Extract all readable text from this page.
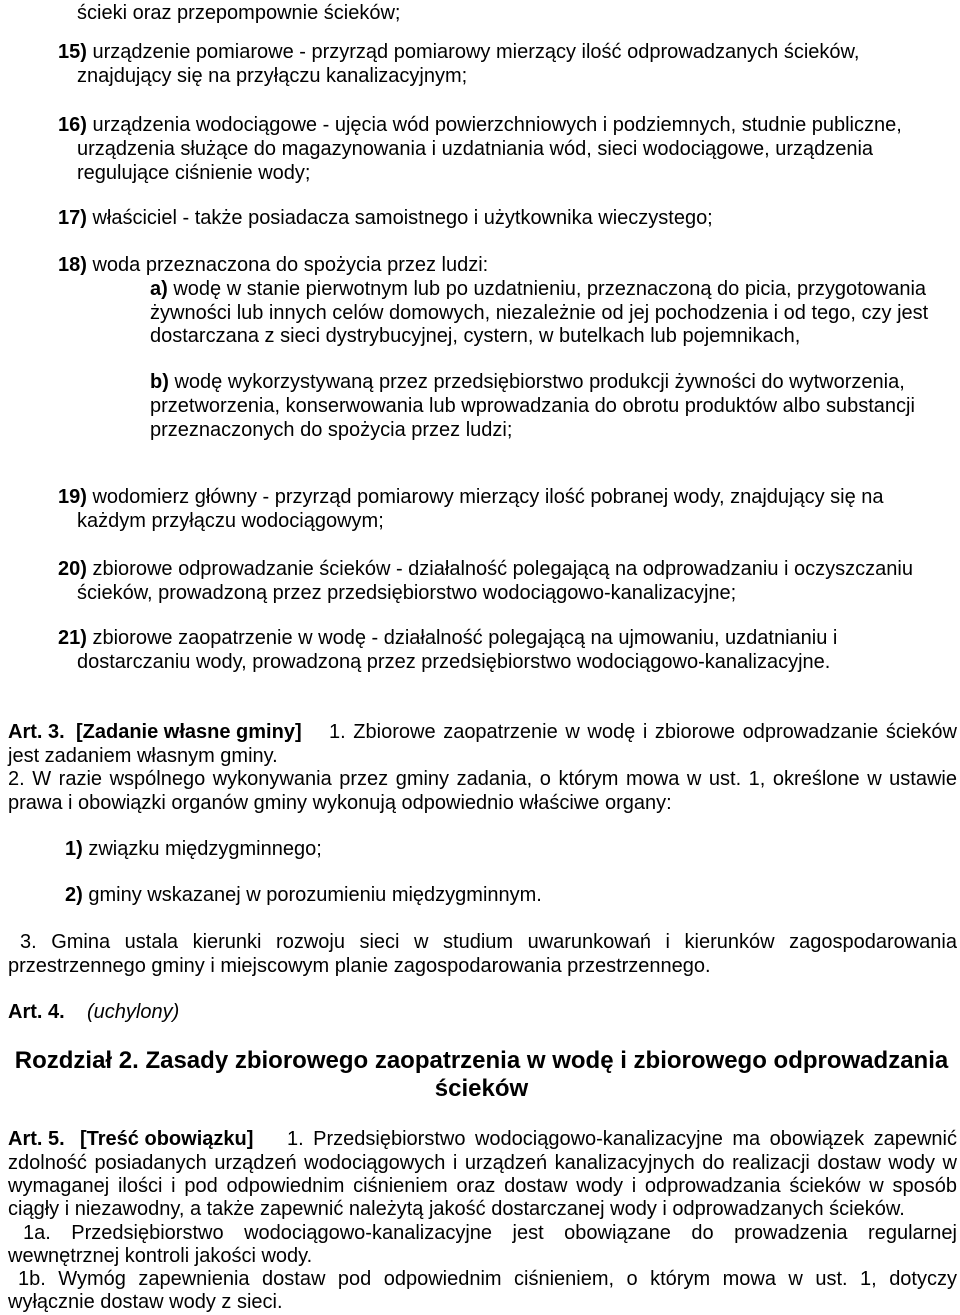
ścieki oraz przepompownie ścieków;
15) urządzenie pomiarowe - przyrząd pomiarowy mierzący ilość odprowadzanych ścieków,
znajdujący się na przyłączu kanalizacyjnym;
16) urządzenia wodociągowe - ujęcia wód powierzchniowych i podziemnych, studnie publiczne,
urządzenia służące do magazynowania i uzdatniania wód, sieci wodociągowe, urządzenia
regulujące ciśnienie wody;
17) właściciel - także posiadacza samoistnego i użytkownika wieczystego;
18) woda przeznaczona do spożycia przez ludzi:
a) wodę w stanie pierwotnym lub po uzdatnieniu, przeznaczoną do picia, przygotowania
żywności lub innych celów domowych, niezależnie od jej pochodzenia i od tego, czy jest
dostarczana z sieci dystrybucyjnej, cystern, w butelkach lub pojemnikach,
b) wodę wykorzystywaną przez przedsiębiorstwo produkcji żywności do wytworzenia,
przetworzenia, konserwowania lub wprowadzania do obrotu produktów albo substancji
przeznaczonych do spożycia przez ludzi;
19) wodomierz główny - przyrząd pomiarowy mierzący ilość pobranej wody, znajdujący się na
każdym przyłączu wodociągowym;
20) zbiorowe odprowadzanie ścieków - działalność polegającą na odprowadzaniu i oczyszczaniu
ścieków, prowadzoną przez przedsiębiorstwo wodociągowo-kanalizacyjne;
21) zbiorowe zaopatrzenie w wodę - działalność polegającą na ujmowaniu, uzdatnianiu i
dostarczaniu wody, prowadzoną przez przedsiębiorstwo wodociągowo-kanalizacyjne.
Art. 3. [Zadanie własne gminy] 1. Zbiorowe zaopatrzenie w wodę i zbiorowe odprowadzanie ścieków
jest zadaniem własnym gminy.
2. W razie wspólnego wykonywania przez gminy zadania, o którym mowa w ust. 1, określone w ustawie
prawa i obowiązki organów gminy wykonują odpowiednio właściwe organy:
1) związku międzygminnego;
2) gminy wskazanej w porozumieniu międzygminnym.
3. Gmina ustala kierunki rozwoju sieci w studium uwarunkowań i kierunków zagospodarowania
przestrzennego gminy i miejscowym planie zagospodarowania przestrzennego.
Art. 4. (uchylony)
Rozdział 2. Zasady zbiorowego zaopatrzenia w wodę i zbiorowego odprowadzania
ścieków
Art. 5. [Treść obowiązku] 1. Przedsiębiorstwo wodociągowo-kanalizacyjne ma obowiązek zapewnić
zdolność posiadanych urządzeń wodociągowych i urządzeń kanalizacyjnych do realizacji dostaw wody w
wymaganej ilości i pod odpowiednim ciśnieniem oraz dostaw wody i odprowadzania ścieków w sposób
ciągły i niezawodny, a także zapewnić należytą jakość dostarczanej wody i odprowadzanych ścieków.
1a. Przedsiębiorstwo wodociągowo-kanalizacyjne jest obowiązane do prowadzenia regularnej
wewnętrznej kontroli jakości wody.
1b. Wymóg zapewnienia dostaw pod odpowiednim ciśnieniem, o którym mowa w ust. 1, dotyczy
wyłącznie dostaw wody z sieci.
